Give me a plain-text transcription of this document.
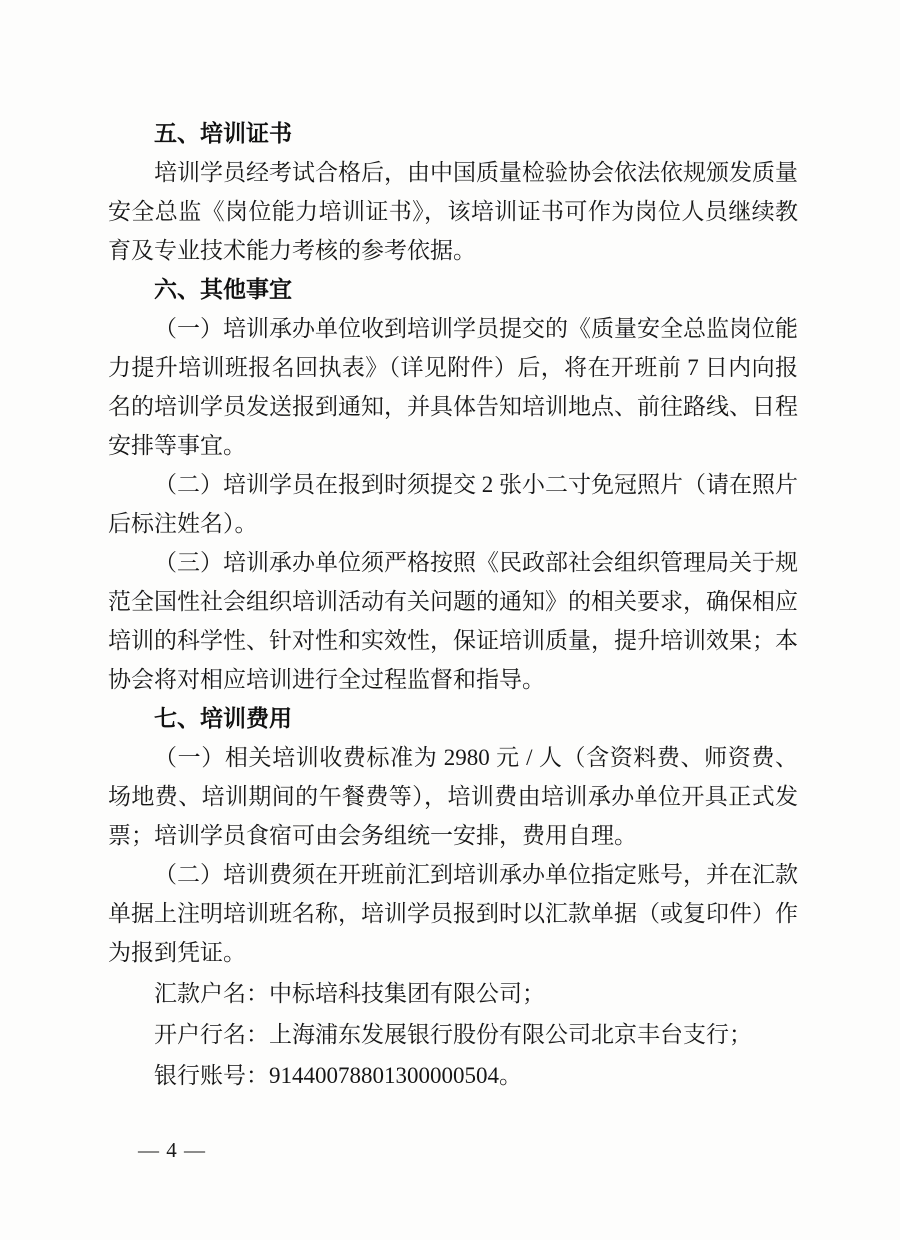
五、培训证书

培训学员经考试合格后，由中国质量检验协会依法依规颁发质量安全总监《岗位能力培训证书》，该培训证书可作为岗位人员继续教育及专业技术能力考核的参考依据。

六、其他事宜

（一）培训承办单位收到培训学员提交的《质量安全总监岗位能力提升培训班报名回执表》（详见附件）后，将在开班前 7 日内向报名的培训学员发送报到通知，并具体告知培训地点、前往路线、日程安排等事宜。

（二）培训学员在报到时须提交 2 张小二寸免冠照片（请在照片后标注姓名）。

（三）培训承办单位须严格按照《民政部社会组织管理局关于规范全国性社会组织培训活动有关问题的通知》的相关要求，确保相应培训的科学性、针对性和实效性，保证培训质量，提升培训效果；本协会将对相应培训进行全过程监督和指导。

七、培训费用

（一）相关培训收费标准为 2980 元 / 人（含资料费、师资费、场地费、培训期间的午餐费等），培训费由培训承办单位开具正式发票；培训学员食宿可由会务组统一安排，费用自理。

（二）培训费须在开班前汇到培训承办单位指定账号，并在汇款单据上注明培训班名称，培训学员报到时以汇款单据（或复印件）作为报到凭证。

汇款户名：中标培科技集团有限公司；

开户行名：上海浦东发展银行股份有限公司北京丰台支行；

银行账号：91440078801300000504。

— 4 —
